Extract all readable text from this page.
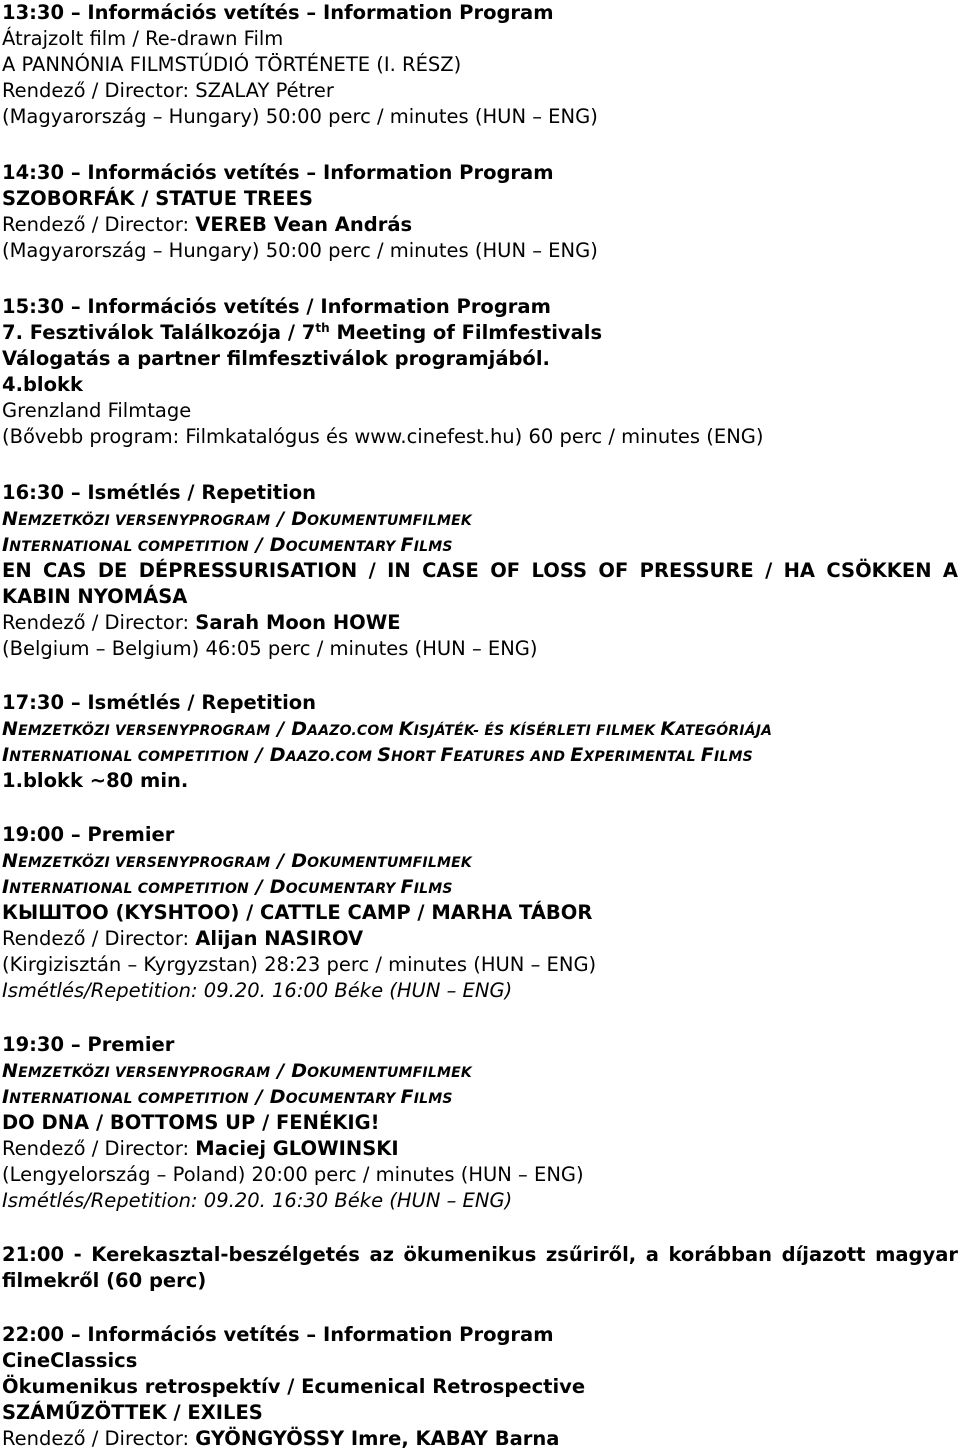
13:30 – Információs vetítés – Information Program
Átrajzolt film / Re-drawn Film
A PANNÓNIA FILMSTÚDIÓ TÖRTÉNETE (I. RÉSZ)
Rendező / Director: SZALAY Pétrer
(Magyarország – Hungary) 50:00 perc / minutes (HUN – ENG)
14:30 – Információs vetítés – Information Program
SZOBORFÁK / STATUE TREES
Rendező / Director: VEREB Vean András
(Magyarország – Hungary) 50:00 perc / minutes (HUN – ENG)
15:30 – Információs vetítés / Information Program
7. Fesztiválok Találkozója / 7th Meeting of Filmfestivals
Válogatás a partner filmfesztiválok programjából.
4.blokk
Grenzland Filmtage
(Bővebb program: Filmkatalógus és www.cinefest.hu) 60 perc / minutes (ENG)
16:30 – Ismétlés / Repetition
NEMZETKÖZI VERSENYPROGRAM / DOKUMENTUMFILMEK
INTERNATIONAL COMPETITION / DOCUMENTARY FILMS
EN CAS DE DÉPRESSURISATION / IN CASE OF LOSS OF PRESSURE / HA CSÖKKEN A
KABIN NYOMÁSA
Rendező / Director: Sarah Moon HOWE
(Belgium – Belgium) 46:05 perc / minutes (HUN – ENG)
17:30 – Ismétlés / Repetition
NEMZETKÖZI VERSENYPROGRAM / DAAZO.COM KISJÁTÉK- ÉS KÍSÉRLETI FILMEK KATEGÓRIÁJA
INTERNATIONAL COMPETITION / DAAZO.COM SHORT FEATURES AND EXPERIMENTAL FILMS
1.blokk ~80 min.
19:00 – Premier
NEMZETKÖZI VERSENYPROGRAM / DOKUMENTUMFILMEK
INTERNATIONAL COMPETITION / DOCUMENTARY FILMS
КЫШТОО (KYSHTOO) / CATTLE CAMP / MARHA TÁBOR
Rendező / Director: Alijan NASIROV
(Kirgizisztán – Kyrgyzstan) 28:23 perc / minutes (HUN – ENG)
Ismétlés/Repetition: 09.20. 16:00 Béke (HUN – ENG)
19:30 – Premier
NEMZETKÖZI VERSENYPROGRAM / DOKUMENTUMFILMEK
INTERNATIONAL COMPETITION / DOCUMENTARY FILMS
DO DNA / BOTTOMS UP / FENÉKIG!
Rendező / Director: Maciej GLOWINSKI
(Lengyelország – Poland) 20:00 perc / minutes (HUN – ENG)
Ismétlés/Repetition: 09.20. 16:30 Béke (HUN – ENG)
21:00 - Kerekasztal-beszélgetés az ökumenikus zsűriről, a korábban díjazott magyar
filmekről (60 perc)
22:00 – Információs vetítés – Information Program
CineClassics
Ökumenikus retrospektív / Ecumenical Retrospective
SZÁMŰZÖTTEK / EXILES
Rendező / Director: GYÖNGYÖSSY Imre, KABAY Barna
